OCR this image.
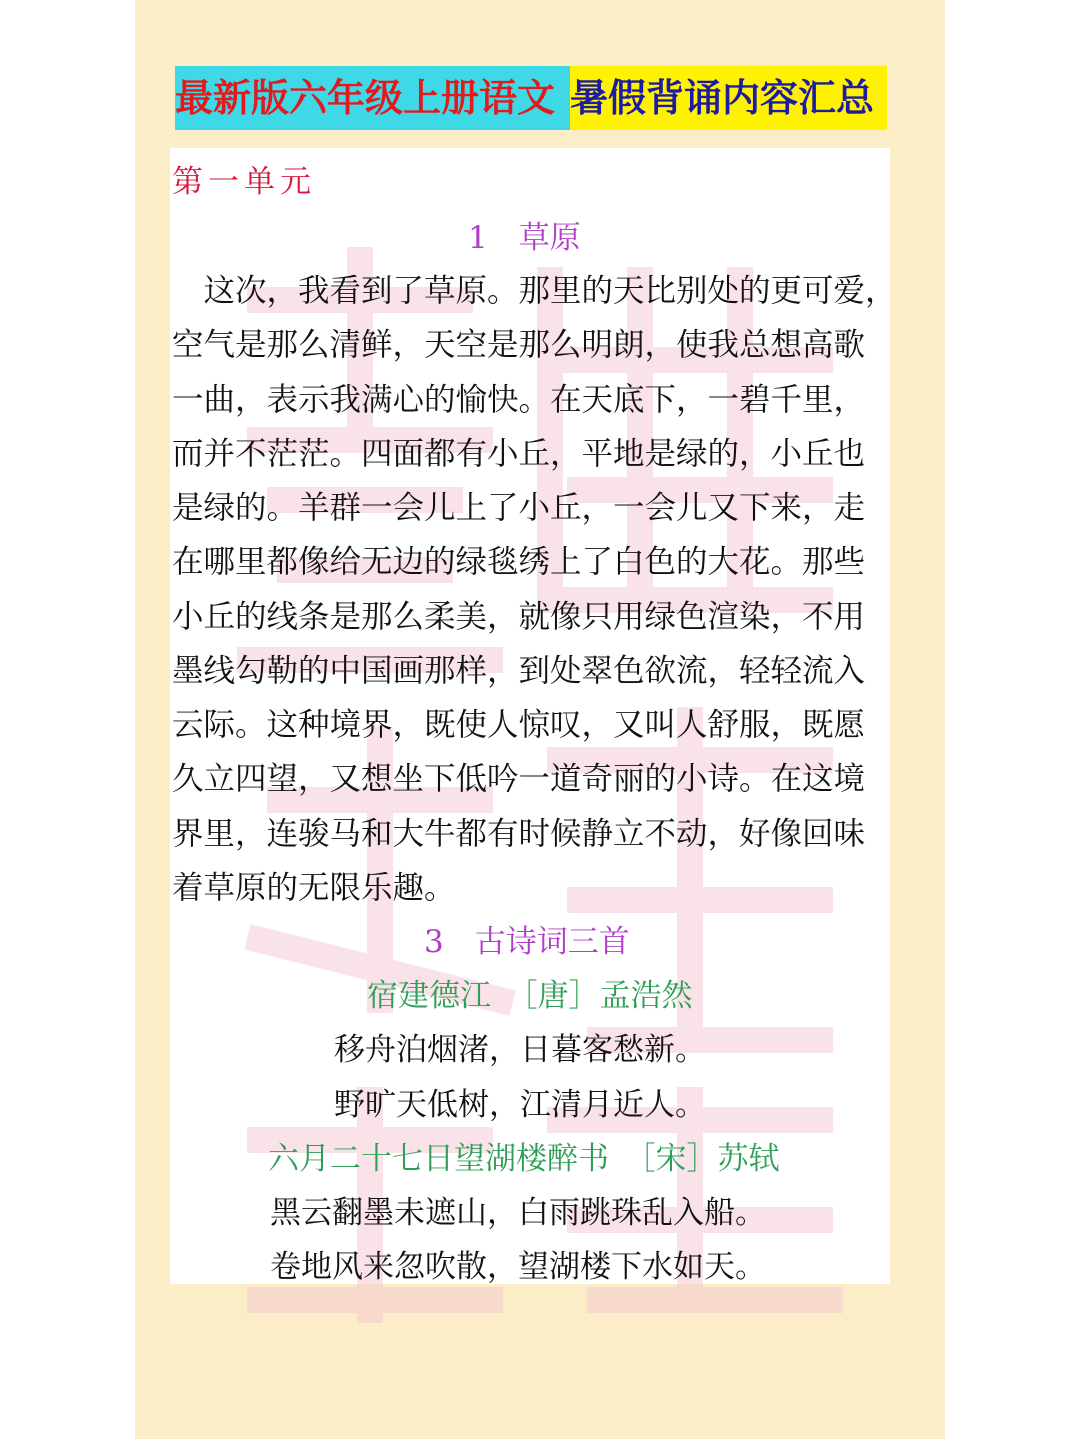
最新版六年级上册语文 暑假背诵内容汇总
第一单元
1　草原
　这次，我看到了草原。那里的天比别处的更可爱，
空气是那么清鲜，天空是那么明朗，使我总想高歌
一曲，表示我满心的愉快。在天底下，一碧千里，
而并不茫茫。四面都有小丘，平地是绿的，小丘也
是绿的。羊群一会儿上了小丘，一会儿又下来，走
在哪里都像给无边的绿毯绣上了白色的大花。那些
小丘的线条是那么柔美，就像只用绿色渲染，不用
墨线勾勒的中国画那样，到处翠色欲流，轻轻流入
云际。这种境界，既使人惊叹，又叫人舒服，既愿
久立四望，又想坐下低吟一道奇丽的小诗。在这境
界里，连骏马和大牛都有时候静立不动，好像回味
着草原的无限乐趣。
3　古诗词三首
宿建德江　［唐］孟浩然
移舟泊烟渚，日暮客愁新。
野旷天低树，江清月近人。
六月二十七日望湖楼醉书　［宋］苏轼
黑云翻墨未遮山，白雨跳珠乱入船。
卷地风来忽吹散，望湖楼下水如天。
